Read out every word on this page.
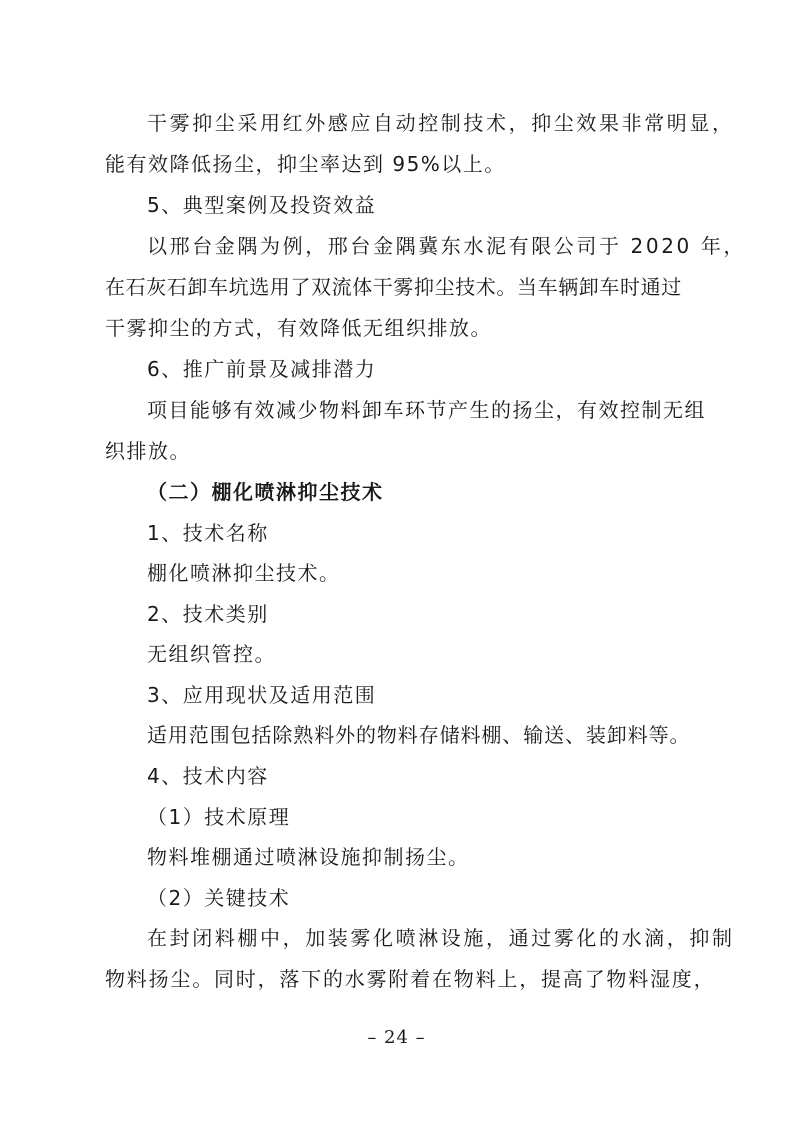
干雾抑尘采用红外感应自动控制技术，抑尘效果非常明显，
能有效降低扬尘，抑尘率达到 95%以上。
5、典型案例及投资效益
以邢台金隅为例，邢台金隅冀东水泥有限公司于 2020 年，
在石灰石卸车坑选用了双流体干雾抑尘技术。当车辆卸车时通过
干雾抑尘的方式，有效降低无组织排放。
6、推广前景及减排潜力
项目能够有效减少物料卸车环节产生的扬尘，有效控制无组
织排放。
（二）棚化喷淋抑尘技术
1、技术名称
棚化喷淋抑尘技术。
2、技术类别
无组织管控。
3、应用现状及适用范围
适用范围包括除熟料外的物料存储料棚、输送、装卸料等。
4、技术内容
（1）技术原理
物料堆棚通过喷淋设施抑制扬尘。
（2）关键技术
在封闭料棚中，加装雾化喷淋设施，通过雾化的水滴，抑制
物料扬尘。同时，落下的水雾附着在物料上，提高了物料湿度，
– 24 –
